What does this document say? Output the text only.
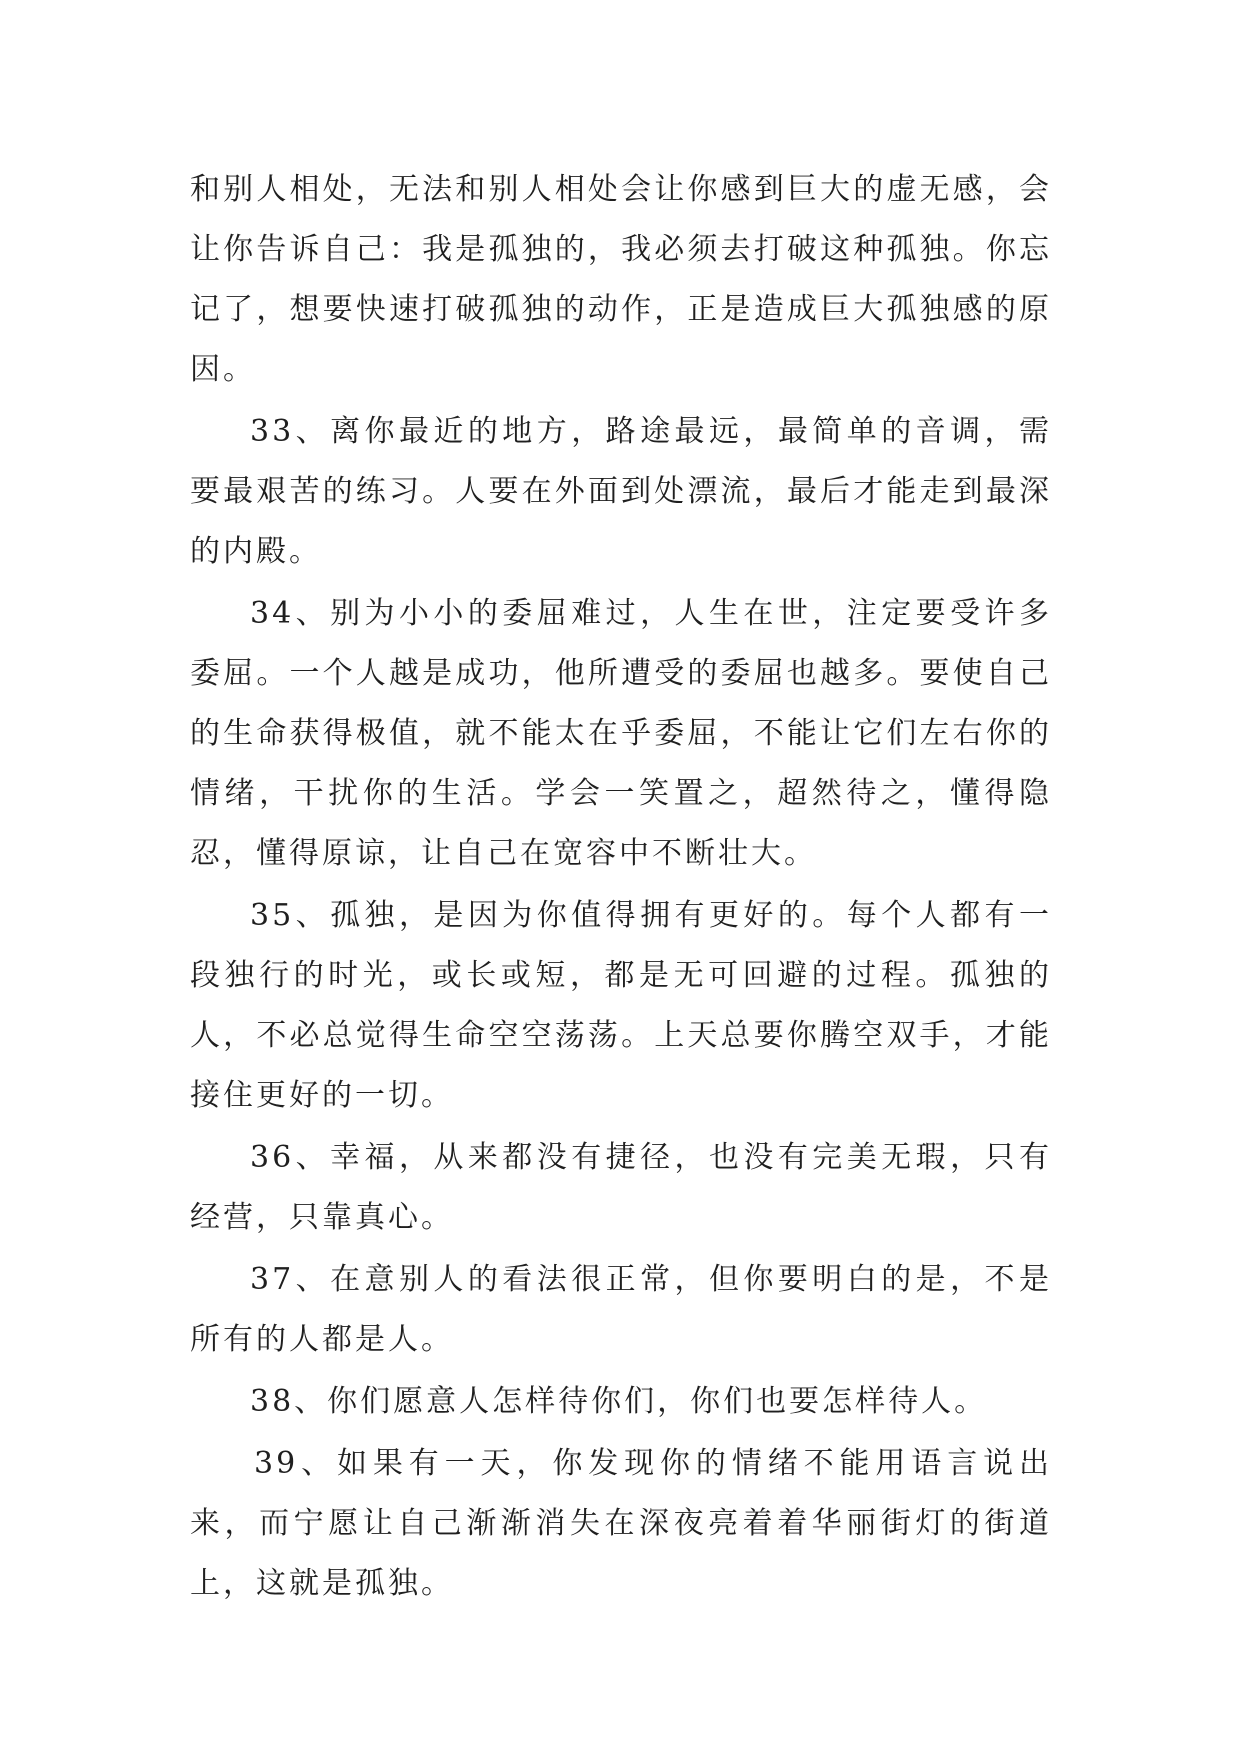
和别人相处，无法和别人相处会让你感到巨大的虚无感，会让你告诉自己：我是孤独的，我必须去打破这种孤独。你忘记了，想要快速打破孤独的动作，正是造成巨大孤独感的原因。

33、离你最近的地方，路途最远，最简单的音调，需要最艰苦的练习。人要在外面到处漂流，最后才能走到最深的内殿。

34、别为小小的委屈难过，人生在世，注定要受许多委屈。一个人越是成功，他所遭受的委屈也越多。要使自己的生命获得极值，就不能太在乎委屈，不能让它们左右你的情绪，干扰你的生活。学会一笑置之，超然待之，懂得隐忍，懂得原谅，让自己在宽容中不断壮大。

35、孤独，是因为你值得拥有更好的。每个人都有一段独行的时光，或长或短，都是无可回避的过程。孤独的人，不必总觉得生命空空荡荡。上天总要你腾空双手，才能接住更好的一切。

36、幸福，从来都没有捷径，也没有完美无瑕，只有经营，只靠真心。

37、在意别人的看法很正常，但你要明白的是，不是所有的人都是人。

38、你们愿意人怎样待你们，你们也要怎样待人。

39、如果有一天，你发现你的情绪不能用语言说出来，而宁愿让自己渐渐消失在深夜亮着着华丽街灯的街道上，这就是孤独。
